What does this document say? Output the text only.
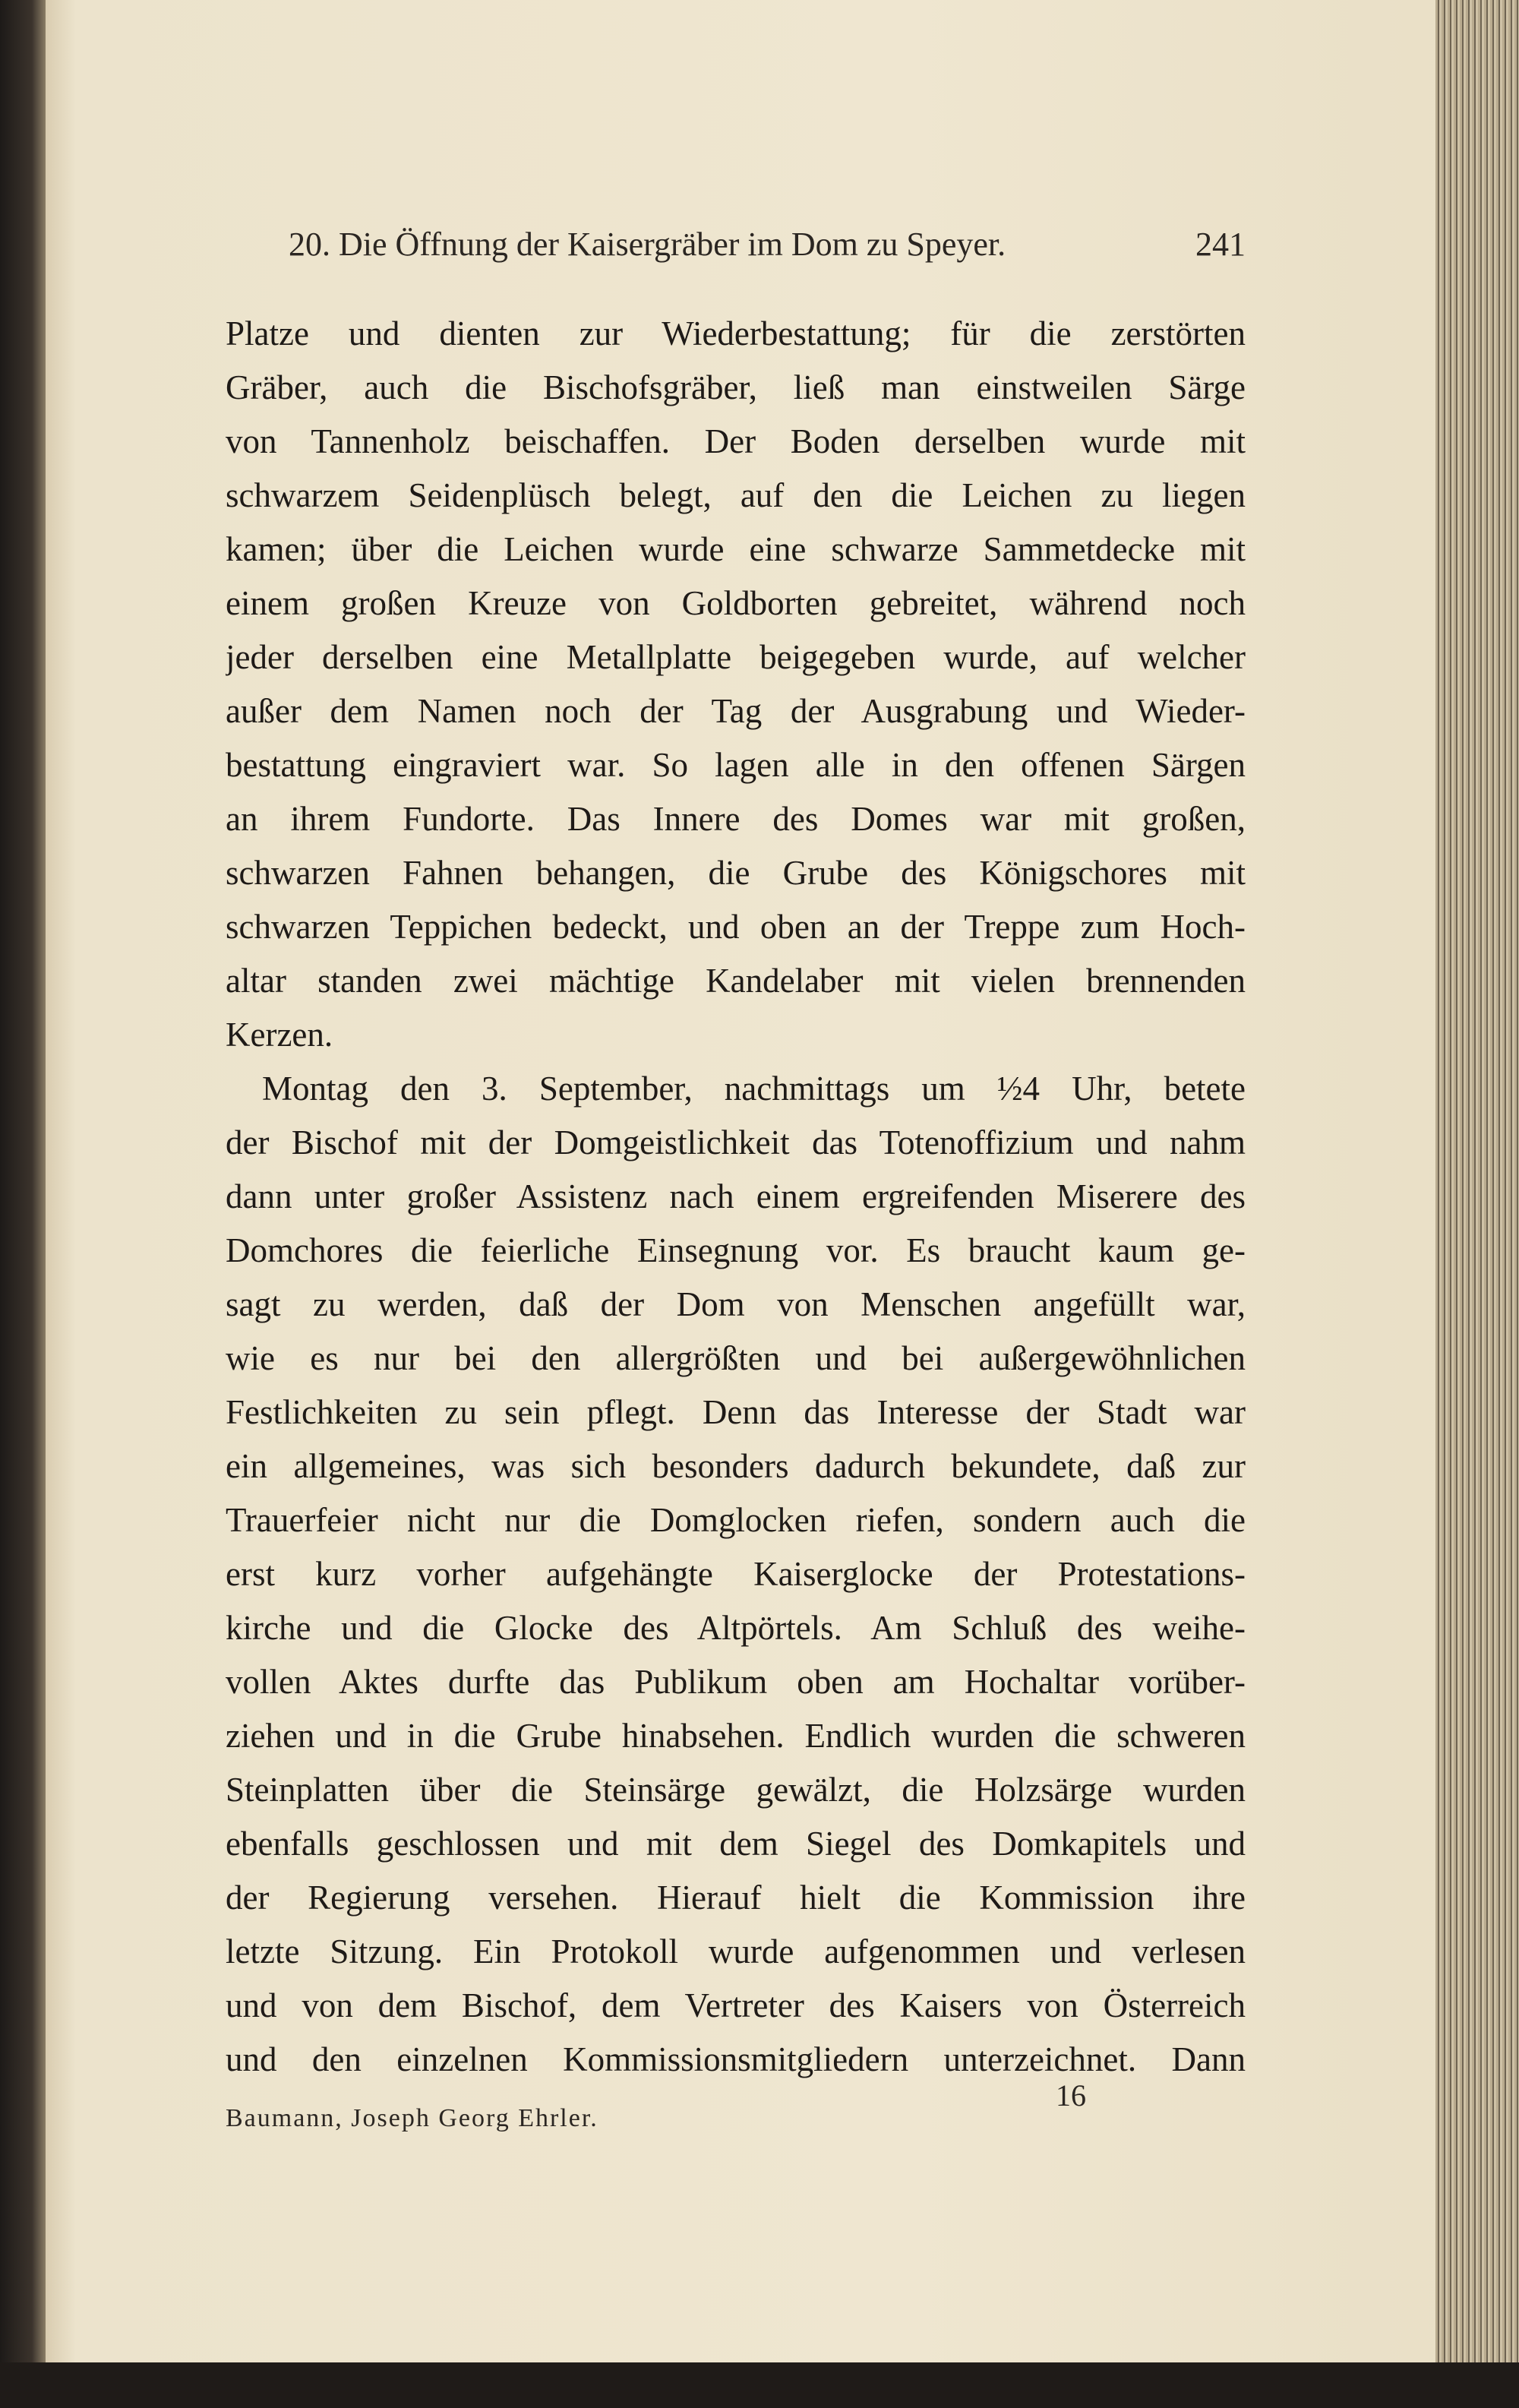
20. Die Öffnung der Kaisergräber im Dom zu Speyer.	241
Platze und dienten zur Wiederbestattung; für die zerstörten
Gräber, auch die Bischofsgräber, ließ man einstweilen Särge
von Tannenholz beischaffen. Der Boden derselben wurde mit
schwarzem Seidenplüsch belegt, auf den die Leichen zu liegen
kamen; über die Leichen wurde eine schwarze Sammetdecke mit
einem großen Kreuze von Goldborten gebreitet, während noch
jeder derselben eine Metallplatte beigegeben wurde, auf welcher
außer dem Namen noch der Tag der Ausgrabung und Wieder-
bestattung eingraviert war. So lagen alle in den offenen Särgen
an ihrem Fundorte. Das Innere des Domes war mit großen,
schwarzen Fahnen behangen, die Grube des Königschores mit
schwarzen Teppichen bedeckt, und oben an der Treppe zum Hoch-
altar standen zwei mächtige Kandelaber mit vielen brennenden
Kerzen.
Montag den 3. September, nachmittags um ½4 Uhr, betete
der Bischof mit der Domgeistlichkeit das Totenoffizium und nahm
dann unter großer Assistenz nach einem ergreifenden Miserere des
Domchores die feierliche Einsegnung vor. Es braucht kaum ge-
sagt zu werden, daß der Dom von Menschen angefüllt war,
wie es nur bei den allergrößten und bei außergewöhnlichen
Festlichkeiten zu sein pflegt. Denn das Interesse der Stadt war
ein allgemeines, was sich besonders dadurch bekundete, daß zur
Trauerfeier nicht nur die Domglocken riefen, sondern auch die
erst kurz vorher aufgehängte Kaiserglocke der Protestations-
kirche und die Glocke des Altpörtels. Am Schluß des weihe-
vollen Aktes durfte das Publikum oben am Hochaltar vorüber-
ziehen und in die Grube hinabsehen. Endlich wurden die schweren
Steinplatten über die Steinsärge gewälzt, die Holzsärge wurden
ebenfalls geschlossen und mit dem Siegel des Domkapitels und
der Regierung versehen. Hierauf hielt die Kommission ihre
letzte Sitzung. Ein Protokoll wurde aufgenommen und verlesen
und von dem Bischof, dem Vertreter des Kaisers von Österreich
und den einzelnen Kommissionsmitgliedern unterzeichnet. Dann
16
Baumann, Joseph Georg Ehrler.
